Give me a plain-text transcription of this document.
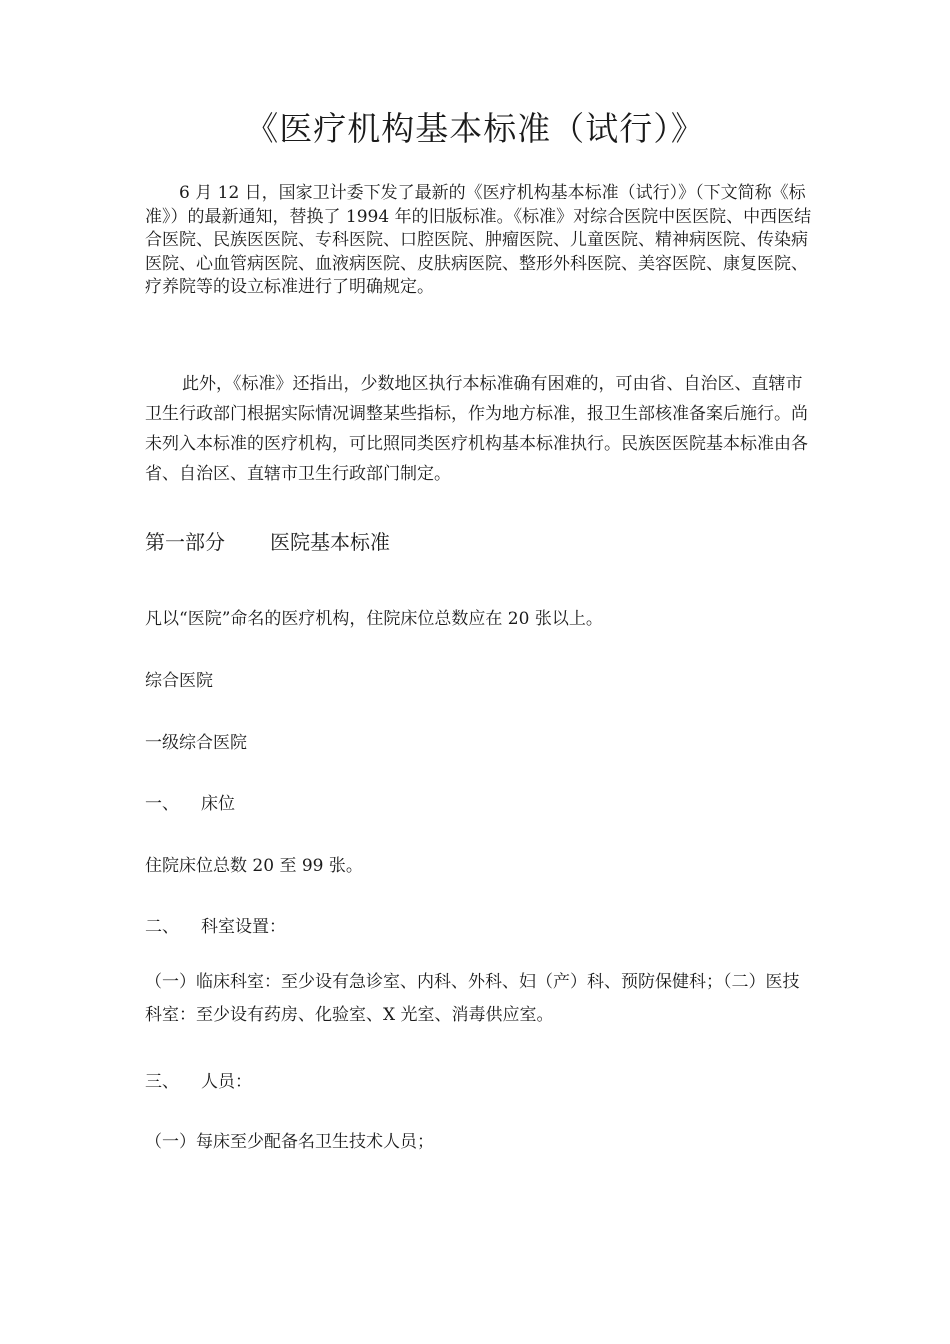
《医疗机构基本标准（试行）》
6 月 12 日，国家卫计委下发了最新的《医疗机构基本标准（试行）》（下文简称《标准》）的最新通知，替换了 1994 年的旧版标准。《标准》对综合医院中医医院、中西医结合医院、民族医医院、专科医院、口腔医院、肿瘤医院、儿童医院、精神病医院、传染病医院、心血管病医院、血液病医院、皮肤病医院、整形外科医院、美容医院、康复医院、疗养院等的设立标准进行了明确规定。
此外，《标准》还指出，少数地区执行本标准确有困难的，可由省、自治区、直辖市卫生行政部门根据实际情况调整某些指标，作为地方标准，报卫生部核准备案后施行。尚未列入本标准的医疗机构，可比照同类医疗机构基本标准执行。民族医医院基本标准由各省、自治区、直辖市卫生行政部门制定。
第一部分 医院基本标准
凡以“医院”命名的医疗机构，住院床位总数应在 20 张以上。
综合医院
一级综合医院
一、 床位
住院床位总数 20 至 99 张。
二、 科室设置：
（一）临床科室：至少设有急诊室、内科、外科、妇（产）科、预防保健科；（二）医技科室：至少设有药房、化验室、X 光室、消毒供应室。
三、 人员：
（一）每床至少配备名卫生技术人员；
